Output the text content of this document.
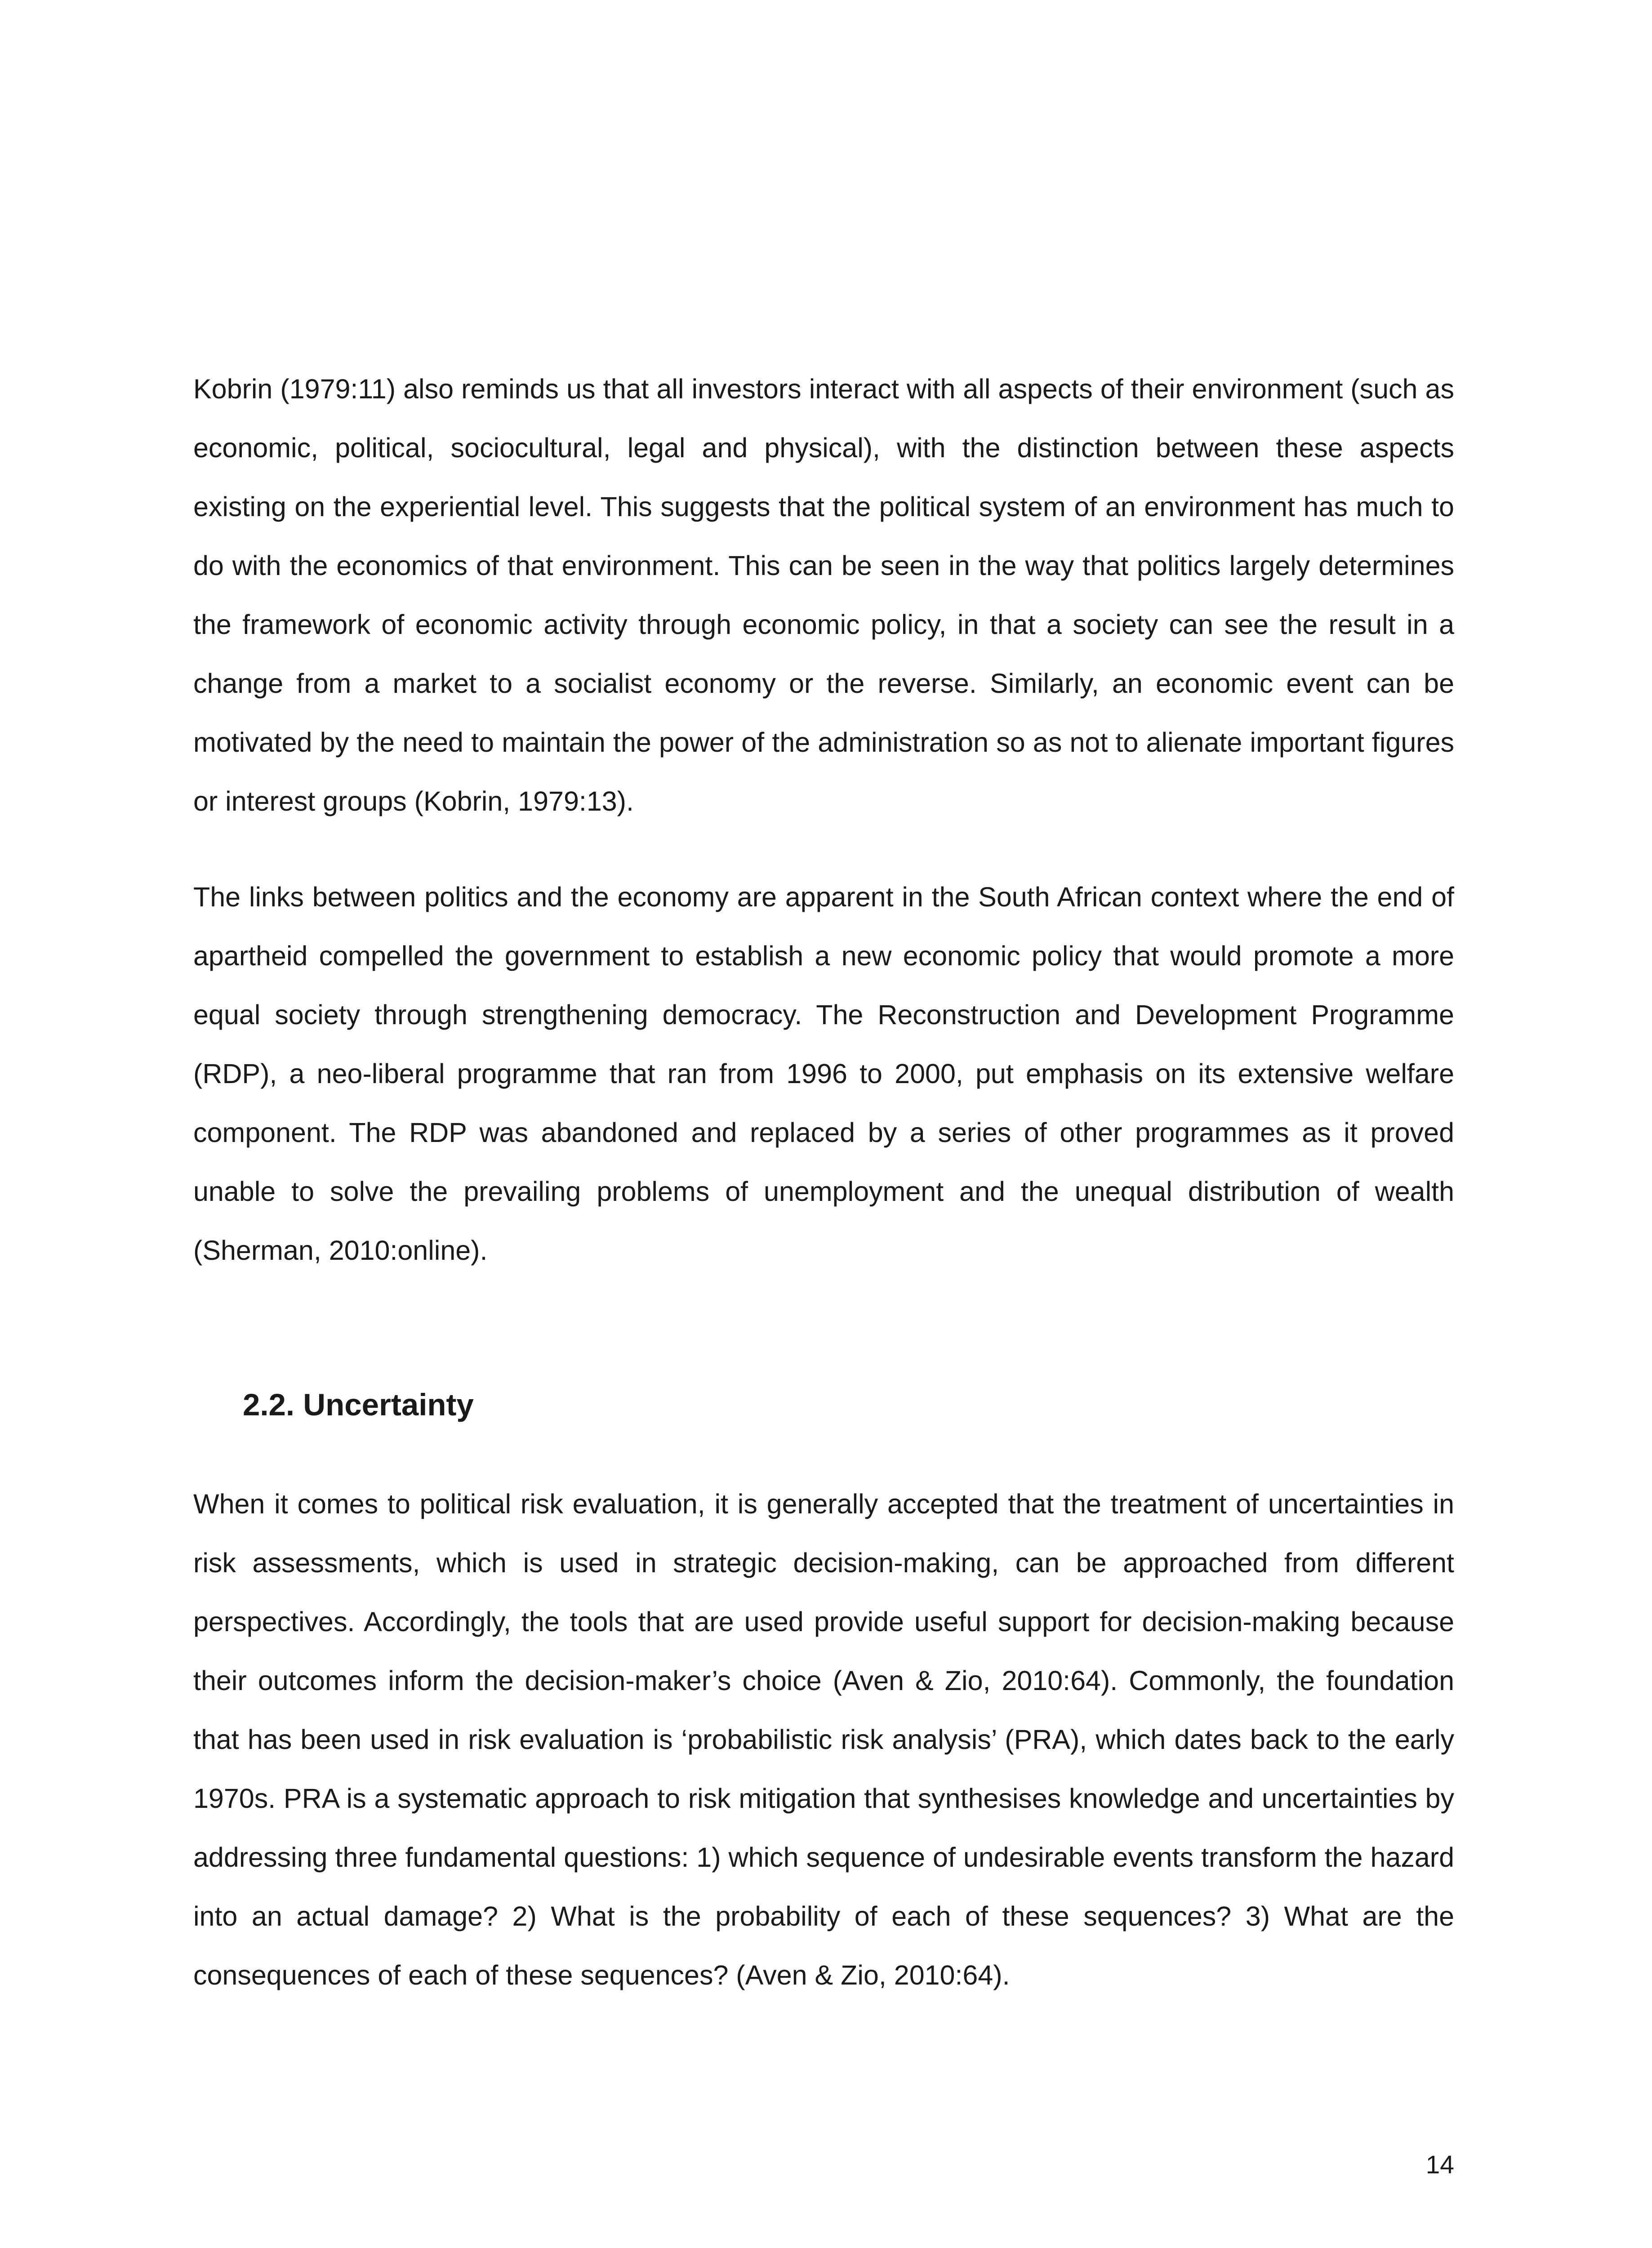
Kobrin (1979:11) also reminds us that all investors interact with all aspects of their environment (such as economic, political, sociocultural, legal and physical), with the distinction between these aspects existing on the experiential level. This suggests that the political system of an environment has much to do with the economics of that environment. This can be seen in the way that politics largely determines the framework of economic activity through economic policy, in that a society can see the result in a change from a market to a socialist economy or the reverse. Similarly, an economic event can be motivated by the need to maintain the power of the administration so as not to alienate important figures or interest groups (Kobrin, 1979:13).

The links between politics and the economy are apparent in the South African context where the end of apartheid compelled the government to establish a new economic policy that would promote a more equal society through strengthening democracy. The Reconstruction and Development Programme (RDP), a neo-liberal programme that ran from 1996 to 2000, put emphasis on its extensive welfare component. The RDP was abandoned and replaced by a series of other programmes as it proved unable to solve the prevailing problems of unemployment and the unequal distribution of wealth (Sherman, 2010:online).

2.2. Uncertainty

When it comes to political risk evaluation, it is generally accepted that the treatment of uncertainties in risk assessments, which is used in strategic decision-making, can be approached from different perspectives. Accordingly, the tools that are used provide useful support for decision-making because their outcomes inform the decision-maker’s choice (Aven & Zio, 2010:64). Commonly, the foundation that has been used in risk evaluation is ‘probabilistic risk analysis’ (PRA), which dates back to the early 1970s. PRA is a systematic approach to risk mitigation that synthesises knowledge and uncertainties by addressing three fundamental questions: 1) which sequence of undesirable events transform the hazard into an actual damage? 2) What is the probability of each of these sequences? 3) What are the consequences of each of these sequences? (Aven & Zio, 2010:64).

14
